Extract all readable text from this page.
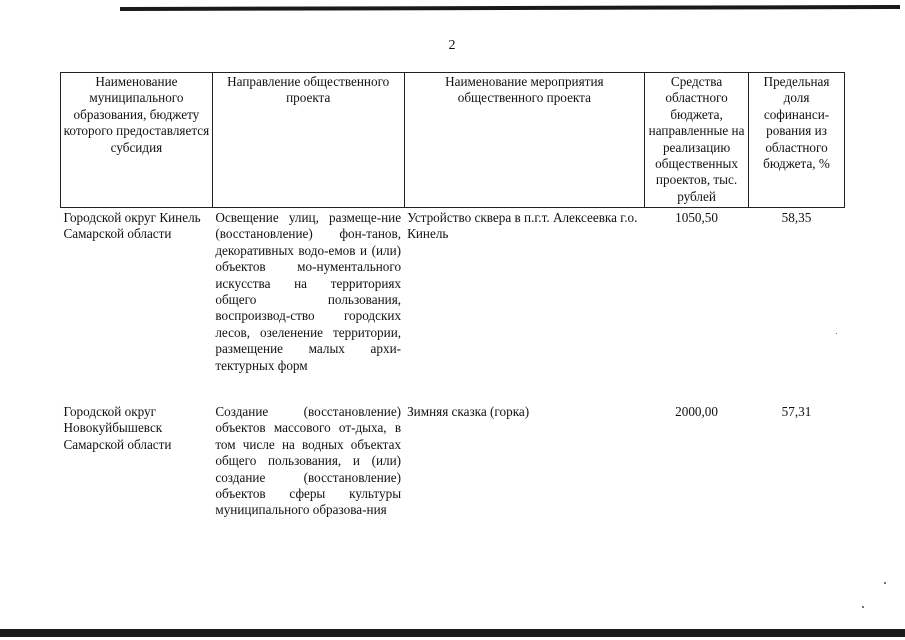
2
Наименование муниципального образования, бюджету которого предоставляется субсидия	Направление общественного проекта	Наименование мероприятия общественного проекта	Средства областного бюджета, направленные на реализацию общественных проектов, тыс. рублей	Предельная доля софинанси-рования из областного бюджета, %
Городской округ Кинель Самарской области	Освещение улиц, размеще-ние (восстановление) фон-танов, декоративных водо-емов и (или) объектов мо-нументального искусства на территориях общего пользования, воспроизвод-ство городских лесов, озеленение территории, размещение малых архи-тектурных форм	Устройство сквера в п.г.т. Алексеевка г.о. Кинель	1050,50	58,35
Городской округ Новокуйбышевск Самарской области	Создание (восстановление) объектов массового от-дыха, в том числе на водных объектах общего пользования, и (или) создание (восстановление) объектов сферы культуры муниципального образова-ния	Зимняя сказка (горка)	2000,00	57,31
